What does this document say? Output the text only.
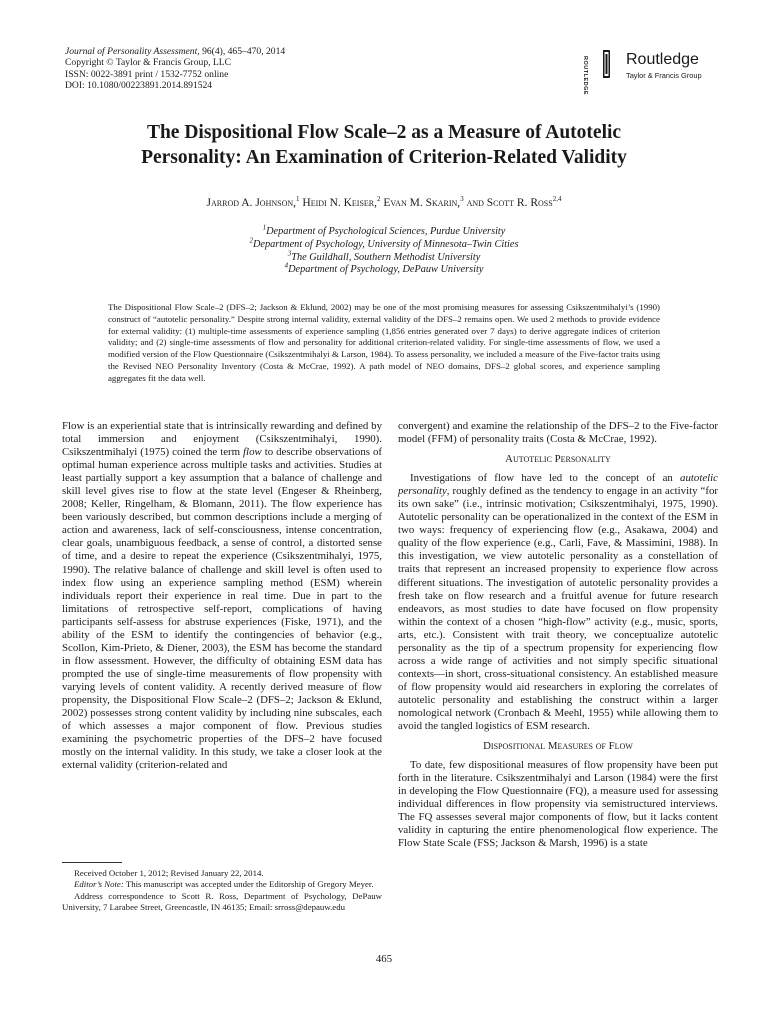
Journal of Personality Assessment, 96(4), 465–470, 2014
Copyright © Taylor & Francis Group, LLC
ISSN: 0022-3891 print / 1532-7752 online
DOI: 10.1080/00223891.2014.891524	ROUTLEDGE Routledge
Taylor & Francis Group
The Dispositional Flow Scale–2 as a Measure of Autotelic
Personality: An Examination of Criterion-Related Validity
Jarrod A. Johnson,$^1$ Heidi N. Keiser,$^2$ Evan M. Skarin,$^3$ and Scott R. Ross$^{2,4}$
$^1$Department of Psychological Sciences, Purdue University
$^2$Department of Psychology, University of Minnesota–Twin Cities
$^3$The Guildhall, Southern Methodist University
$^4$Department of Psychology, DePauw University
The Dispositional Flow Scale–2 (DFS–2; Jackson & Eklund, 2002) may be one of the most promising measures for assessing Csikszentmihalyi’s (1990) construct of “autotelic personality.” Despite strong internal validity, external validity of the DFS–2 remains open. We used 2 methods to provide evidence for external validity: (1) multiple-time assessments of experience sampling (1,856 entries generated over 7 days) to derive aggregate indices of criterion validity; and (2) single-time assessments of flow and personality for additional criterion-related validity. For single-time assessments of flow, we used a modified version of the Flow Questionnaire (Csikszentmihalyi & Larson, 1984). To assess personality, we included a measure of the Five-factor traits using the Revised NEO Personality Inventory (Costa & McCrae, 1992). A path model of NEO domains, DFS–2 global scores, and experience sampling aggregates fit the data well.

Flow is an experiential state that is intrinsically rewarding and defined by total immersion and enjoyment (Csikszentmihalyi, 1990). Csikszentmihalyi (1975) coined the term flow to describe observations of optimal human experience across multiple tasks and activities. Studies at least partially support a key assumption that a balance of challenge and skill level gives rise to flow at the state level (Engeser & Rheinberg, 2008; Keller, Ringelham, & Blomann, 2011). The flow experience has been variously described, but common descriptions include a merging of action and awareness, lack of self-consciousness, intense concentration, clear goals, unambiguous feedback, a sense of control, a distorted sense of time, and a desire to repeat the experience (Csikszentmihalyi, 1975, 1990). The relative balance of challenge and skill level is often used to index flow using an experience sampling method (ESM) wherein individuals report their experience in real time. Due in part to the limitations of retrospective self-report, complications of having participants self-assess for abstruse experiences (Fiske, 1971), and the ability of the ESM to identify the contingencies of behavior (e.g., Scollon, Kim-Prieto, & Diener, 2003), the ESM has become the standard in flow assessment. However, the difficulty of obtaining ESM data has prompted the use of single-time measurements of flow propensity with varying levels of content validity. A recently derived measure of flow propensity, the Dispositional Flow Scale–2 (DFS–2; Jackson & Eklund, 2002) possesses strong content validity by including nine subscales, each of which assesses a major component of flow. Previous studies examining the psychometric properties of the DFS–2 have focused mostly on the internal validity. In this study, we take a closer look at the external validity (criterion-related and

Received October 1, 2012; Revised January 22, 2014.

Editor’s Note: This manuscript was accepted under the Editorship of Gregory Meyer.

Address correspondence to Scott R. Ross, Department of Psychology, DePauw University, 7 Larabee Street, Greencastle, IN 46135; Email: srross@depauw.edu

convergent) and examine the relationship of the DFS–2 to the Five-factor model (FFM) of personality traits (Costa & McCrae, 1992).

Autotelic Personality

Investigations of flow have led to the concept of an autotelic personality, roughly defined as the tendency to engage in an activity “for its own sake” (i.e., intrinsic motivation; Csikszentmihalyi, 1975, 1990). Autotelic personality can be operationalized in the context of the ESM in two ways: frequency of experiencing flow (e.g., Asakawa, 2004) and quality of the flow experience (e.g., Carli, Fave, & Massimini, 1988). In this investigation, we view autotelic personality as a constellation of traits that represent an increased propensity to experience flow across different situations. The investigation of autotelic personality provides a fresh take on flow research and a fruitful avenue for future research endeavors, as most studies to date have focused on flow propensity within the context of a chosen “high-flow” activity (e.g., music, sports, arts, etc.). Consistent with trait theory, we conceptualize autotelic personality as the tip of a spectrum propensity for experiencing flow across a wide range of activities and not simply specific situational contexts—in short, cross-situational consistency. An established measure of flow propensity would aid researchers in exploring the correlates of autotelic personality and establishing the construct within a larger nomological network (Cronbach & Meehl, 1955) while allowing them to avoid the tangled logistics of ESM research.

Dispositional Measures of Flow

To date, few dispositional measures of flow propensity have been put forth in the literature. Csikszentmihalyi and Larson (1984) were the first in developing the Flow Questionnaire (FQ), a measure used for assessing individual differences in flow propensity via semistructured interviews. The FQ assesses several major components of flow, but it lacks content validity in capturing the entire phenomenological flow experience. The Flow State Scale (FSS; Jackson & Marsh, 1996) is a state

465
